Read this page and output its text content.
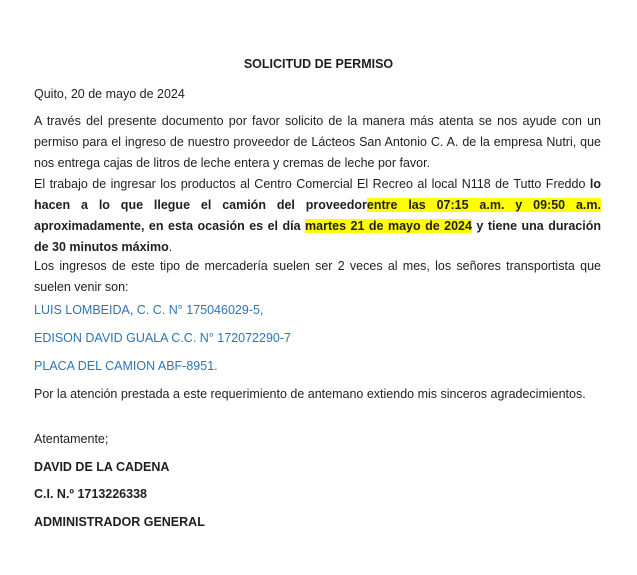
SOLICITUD DE PERMISO

Quito, 20 de mayo de 2024

A través del presente documento por favor solicito de la manera más atenta se nos ayude con un permiso para el ingreso de nuestro proveedor de Lácteos San Antonio C. A. de la empresa Nutri, que nos entrega cajas de litros de leche entera y cremas de leche por favor.

El trabajo de ingresar los productos al Centro Comercial El Recreo al local N118 de Tutto Freddo lo hacen a lo que llegue el camión del proveedorentre las 07:15 a.m. y 09:50 a.m. aproximadamente, en esta ocasión es el día martes 21 de mayo de 2024 y tiene una duración de 30 minutos máximo.

Los ingresos de este tipo de mercadería suelen ser 2 veces al mes, los señores transportista que suelen venir son:

LUIS LOMBEIDA, C. C. N° 175046029-5,

EDISON DAVID GUALA C.C. N° 172072290-7

PLACA DEL CAMION ABF-8951.

Por la atención prestada a este requerimiento de antemano extiendo mis sinceros agradecimientos.

Atentamente;

DAVID DE LA CADENA

C.I. N.º 1713226338

ADMINISTRADOR GENERAL
